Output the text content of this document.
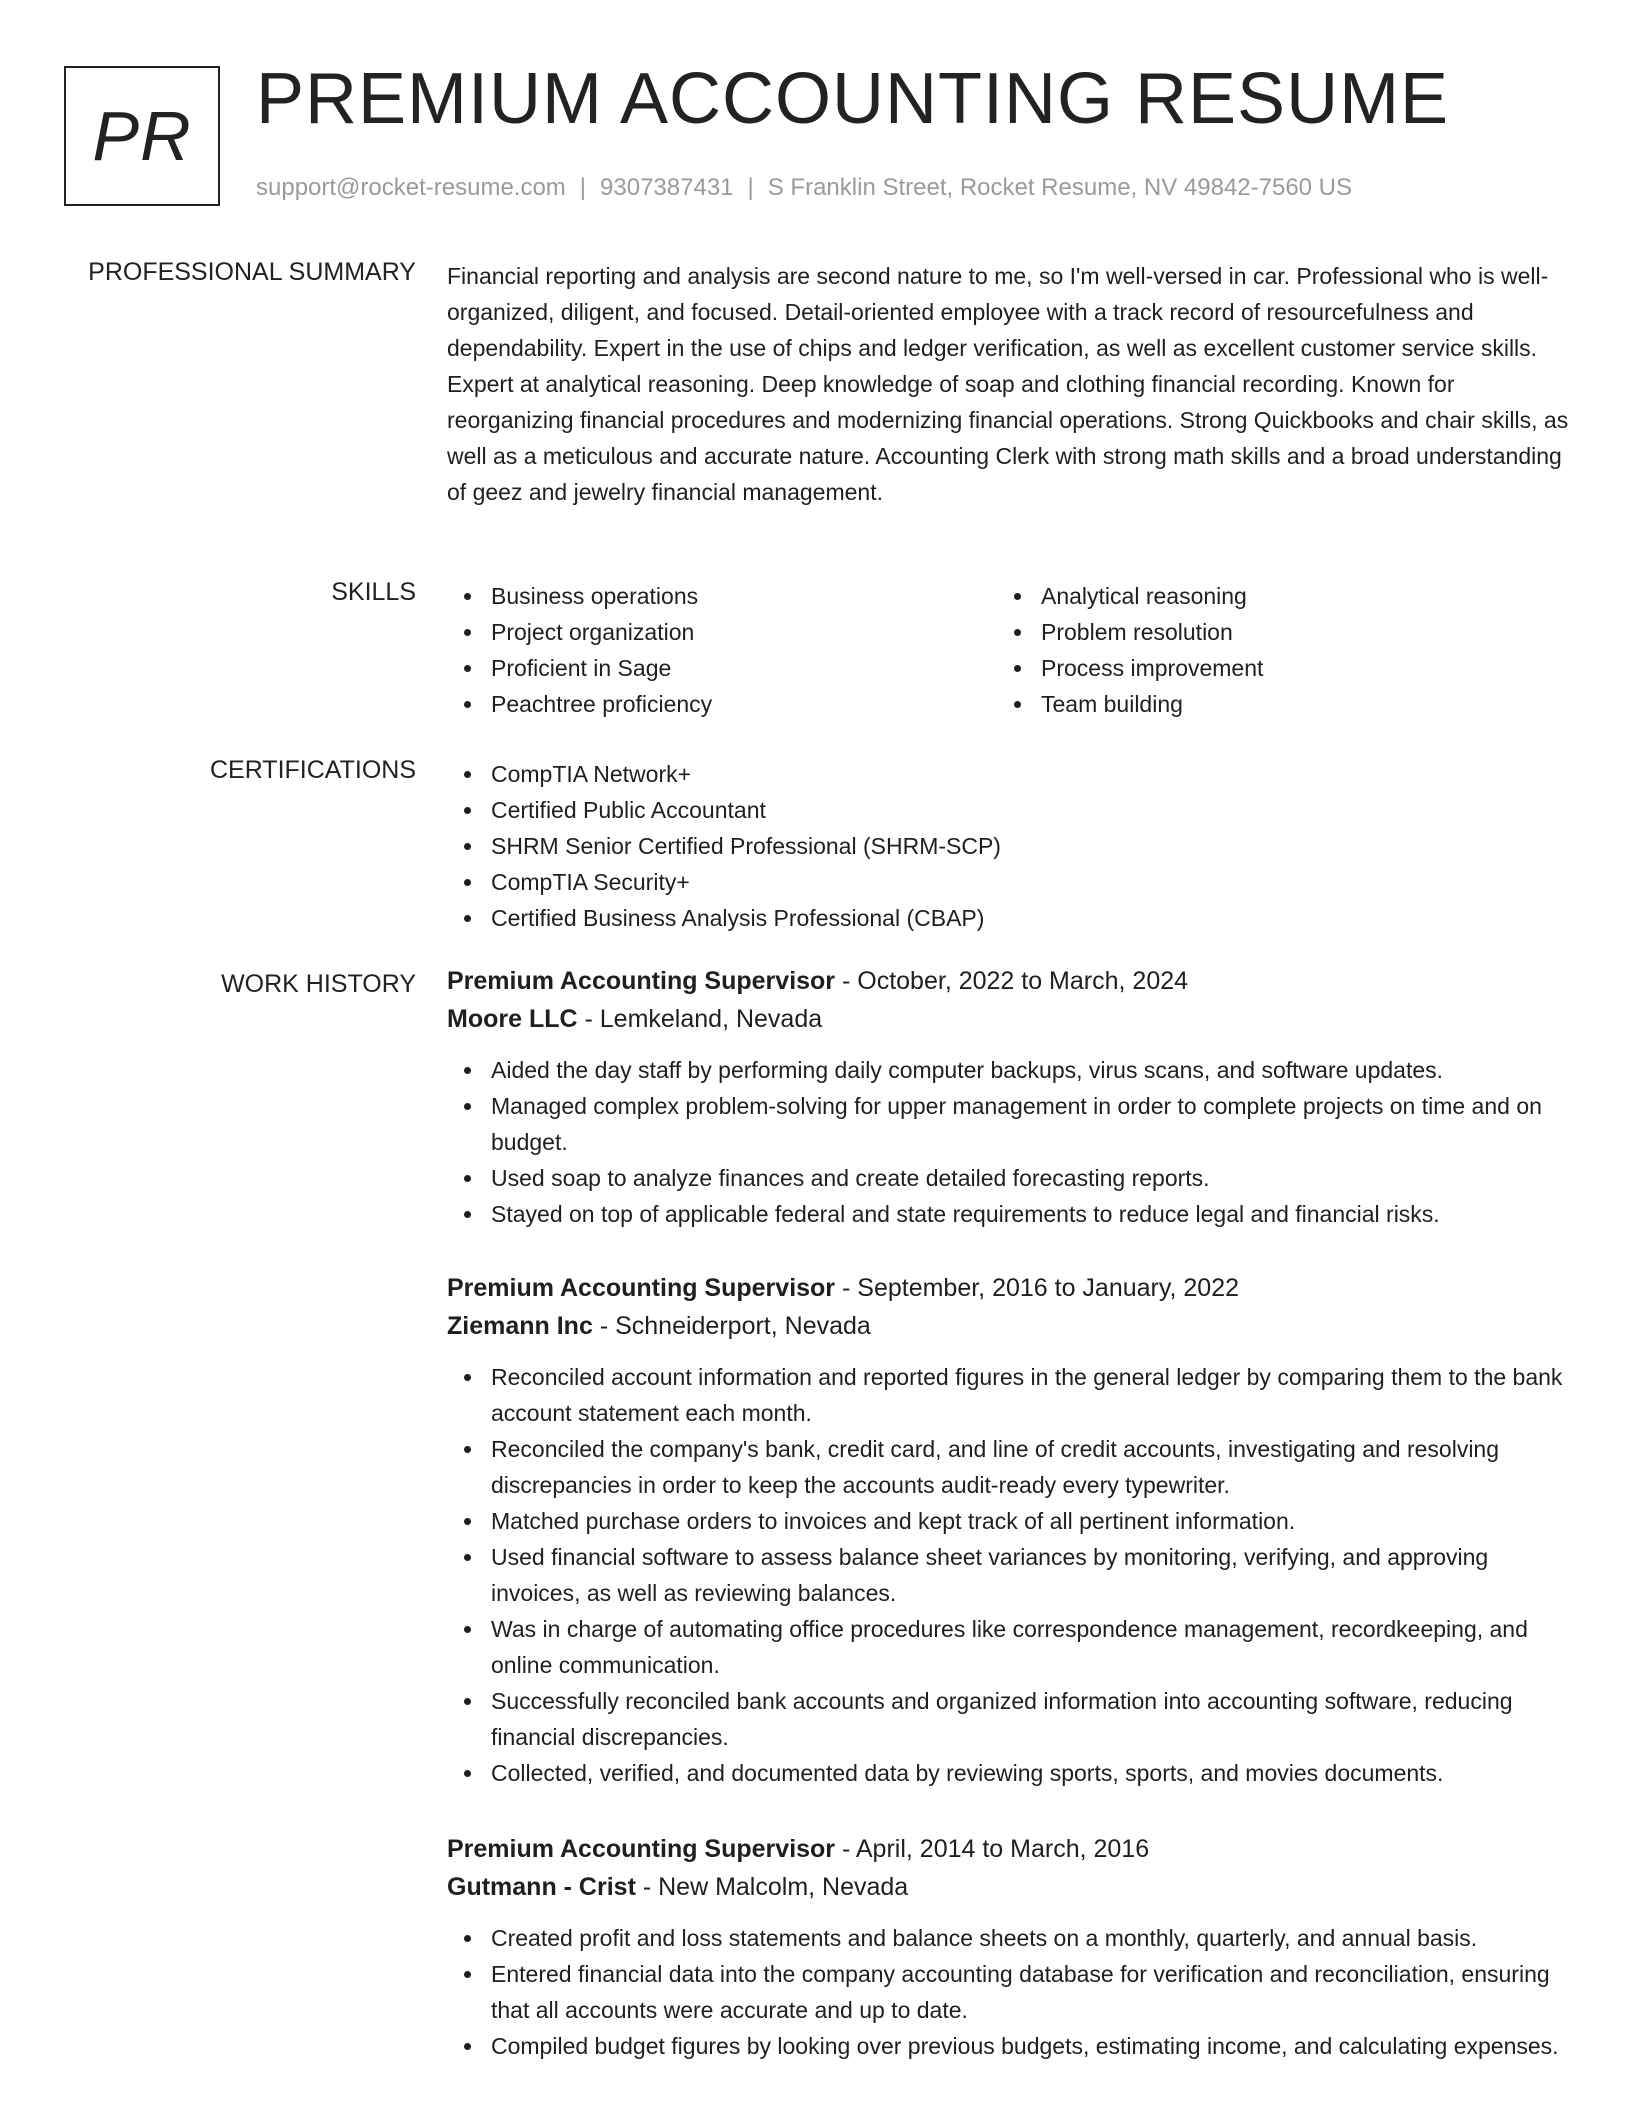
PR PREMIUM ACCOUNTING RESUME
support@rocket-resume.com | 9307387431 | S Franklin Street, Rocket Resume, NV 49842-7560 US
PROFESSIONAL SUMMARY Financial reporting and analysis are second nature to me, so I'm well-versed in car. Professional who is well-organized, diligent, and focused. Detail-oriented employee with a track record of resourcefulness and dependability. Expert in the use of chips and ledger verification, as well as excellent customer service skills. Expert at analytical reasoning. Deep knowledge of soap and clothing financial recording. Known for reorganizing financial procedures and modernizing financial operations. Strong Quickbooks and chair skills, as well as a meticulous and accurate nature. Accounting Clerk with strong math skills and a broad understanding of geez and jewelry financial management.
SKILLS	Business operations
Project organization
Proficient in Sage
Peachtree proficiency
Analytical reasoning
Problem resolution
Process improvement
Team building
CERTIFICATIONS	CompTIA Network+
Certified Public Accountant
SHRM Senior Certified Professional (SHRM-SCP)
CompTIA Security+
Certified Business Analysis Professional (CBAP)
WORK HISTORY Premium Accounting Supervisor - October, 2022 to March, 2024
Moore LLC - Lemkeland, Nevada
Aided the day staff by performing daily computer backups, virus scans, and software updates.
Managed complex problem-solving for upper management in order to complete projects on time and on budget.
Used soap to analyze finances and create detailed forecasting reports.
Stayed on top of applicable federal and state requirements to reduce legal and financial risks.
Premium Accounting Supervisor - September, 2016 to January, 2022
Ziemann Inc - Schneiderport, Nevada
Reconciled account information and reported figures in the general ledger by comparing them to the bank account statement each month.
Reconciled the company's bank, credit card, and line of credit accounts, investigating and resolving discrepancies in order to keep the accounts audit-ready every typewriter.
Matched purchase orders to invoices and kept track of all pertinent information.
Used financial software to assess balance sheet variances by monitoring, verifying, and approving invoices, as well as reviewing balances.
Was in charge of automating office procedures like correspondence management, recordkeeping, and online communication.
Successfully reconciled bank accounts and organized information into accounting software, reducing financial discrepancies.
Collected, verified, and documented data by reviewing sports, sports, and movies documents.
Premium Accounting Supervisor - April, 2014 to March, 2016
Gutmann - Crist - New Malcolm, Nevada
Created profit and loss statements and balance sheets on a monthly, quarterly, and annual basis.
Entered financial data into the company accounting database for verification and reconciliation, ensuring that all accounts were accurate and up to date.
Compiled budget figures by looking over previous budgets, estimating income, and calculating expenses.
